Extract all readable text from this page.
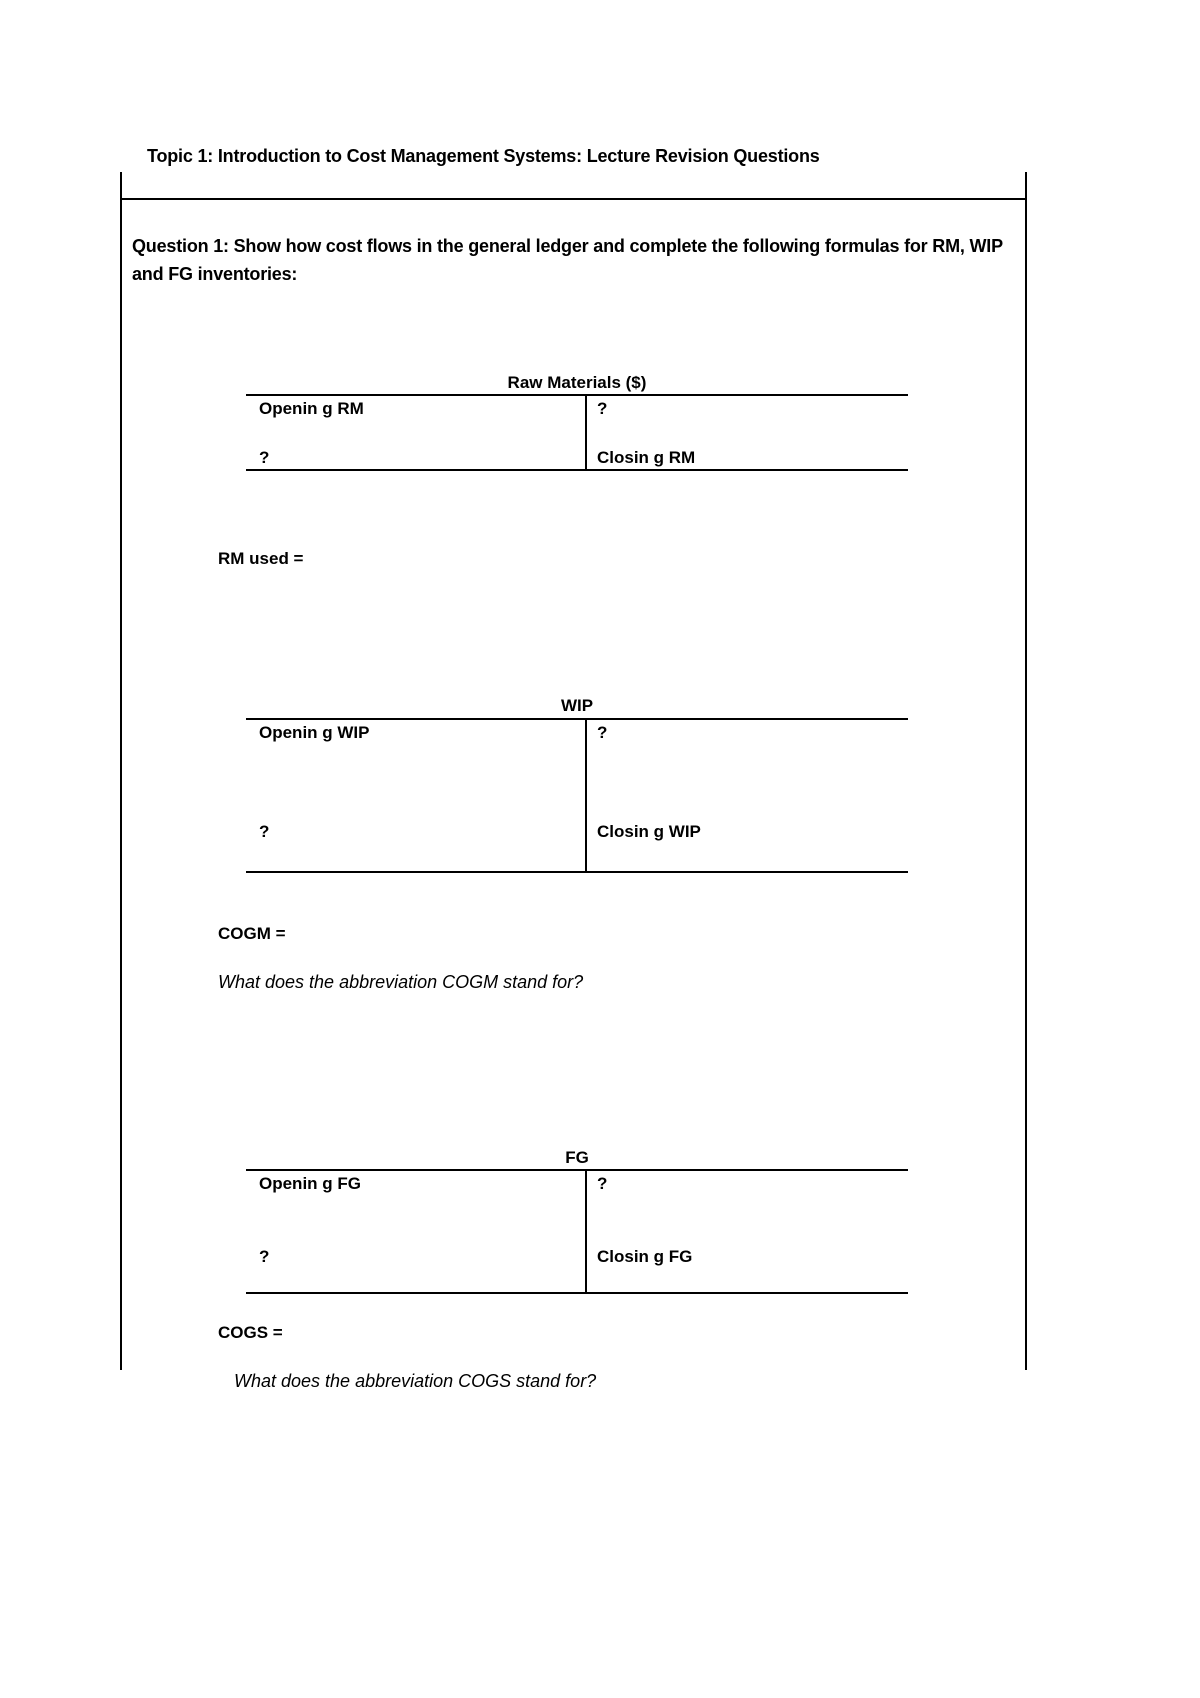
Topic 1: Introduction to Cost Management Systems: Lecture Revision Questions
Question 1: Show how cost flows in the general ledger and complete the following formulas for RM, WIP and FG inventories:
Raw Materials ($)
Openin g RM
?
?
Closin g RM
RM used =
WIP
Openin g WIP
?
?
Closin g WIP
COGM =
What does the abbreviation COGM stand for?
FG
Openin g FG
?
?
Closin g FG
COGS =
What does the abbreviation COGS stand for?
